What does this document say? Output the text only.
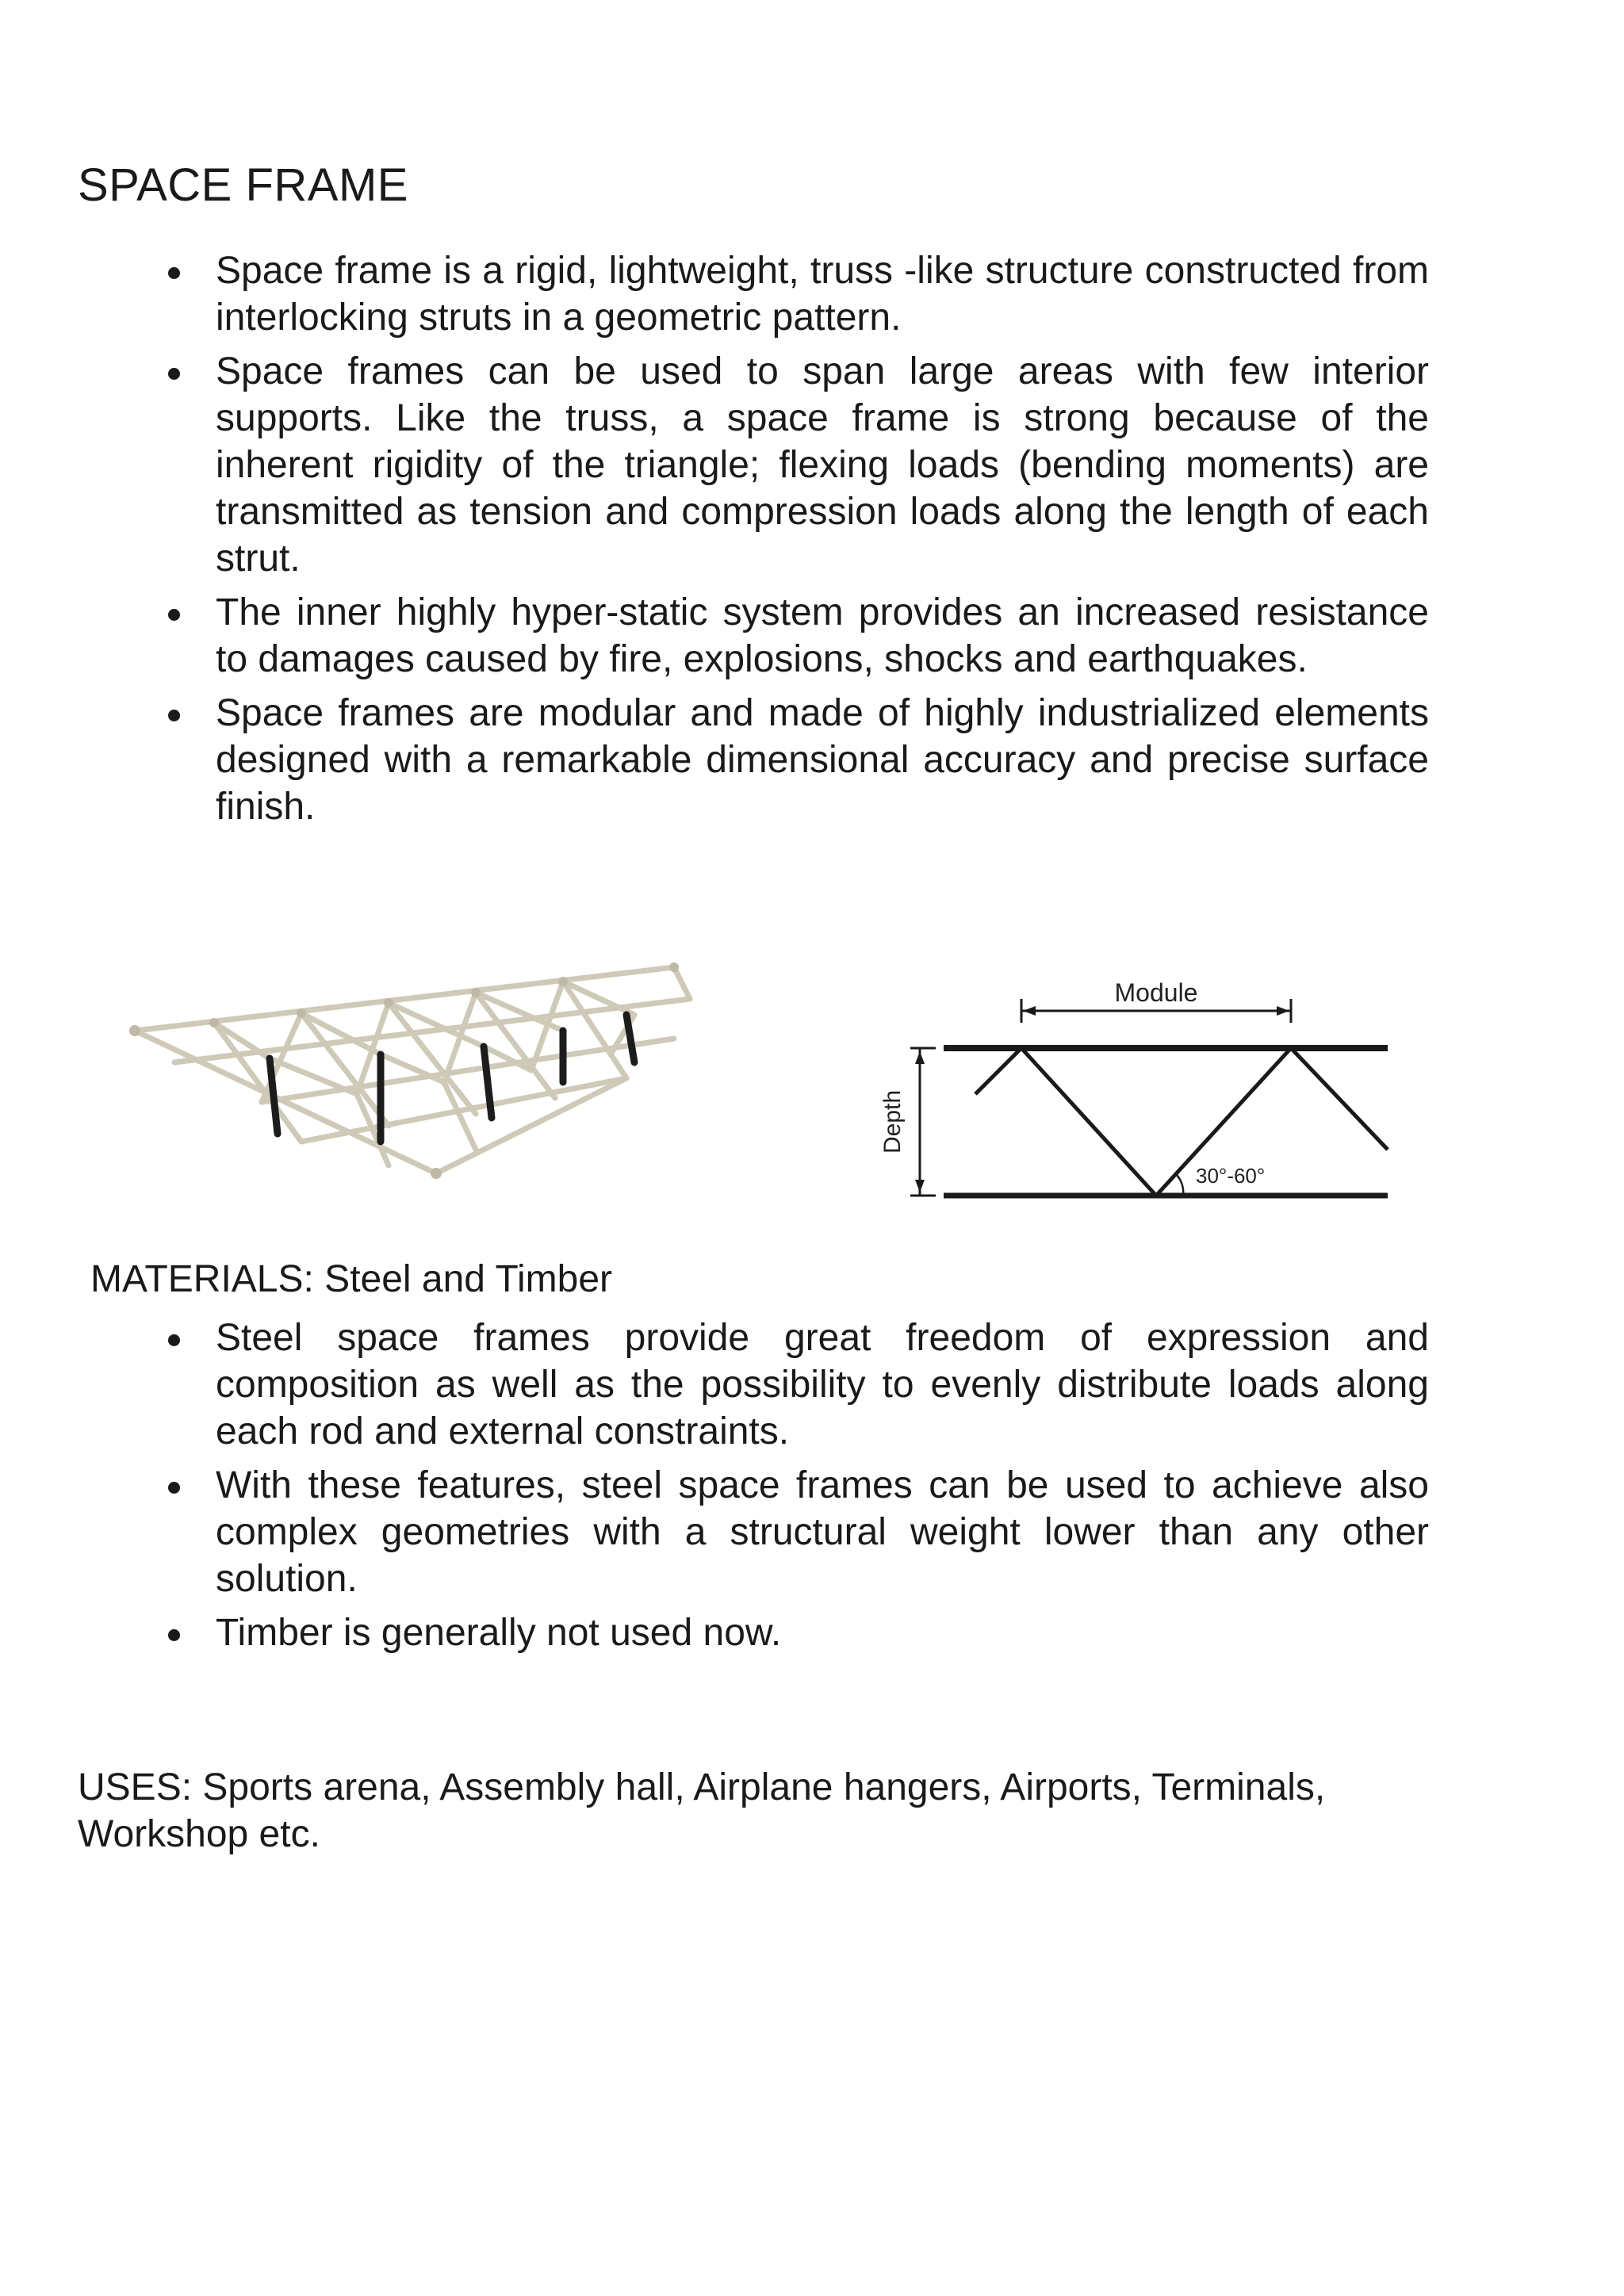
SPACE FRAME
Space frame is a rigid, lightweight, truss -like structure constructed from interlocking struts in a geometric pattern.
Space frames can be used to span large areas with few interior supports. Like the truss, a space frame is strong because of the inherent rigidity of the triangle; flexing loads (bending moments) are transmitted as tension and compression loads along the length of each strut.
The inner highly hyper-static system provides an increased resistance to damages caused by fire, explosions, shocks and earthquakes.
Space frames are modular and made of highly industrialized elements designed with a remarkable dimensional accuracy and precise surface finish.
Module
Depth
30°-60°
MATERIALS: Steel and Timber
Steel space frames provide great freedom of expression and composition as well as the possibility to evenly distribute loads along each rod and external constraints.
With these features, steel space frames can be used to achieve also complex geometries with a structural weight lower than any other solution.
Timber is generally not used now.
USES: Sports arena, Assembly hall, Airplane hangers, Airports, Terminals, Workshop etc.
